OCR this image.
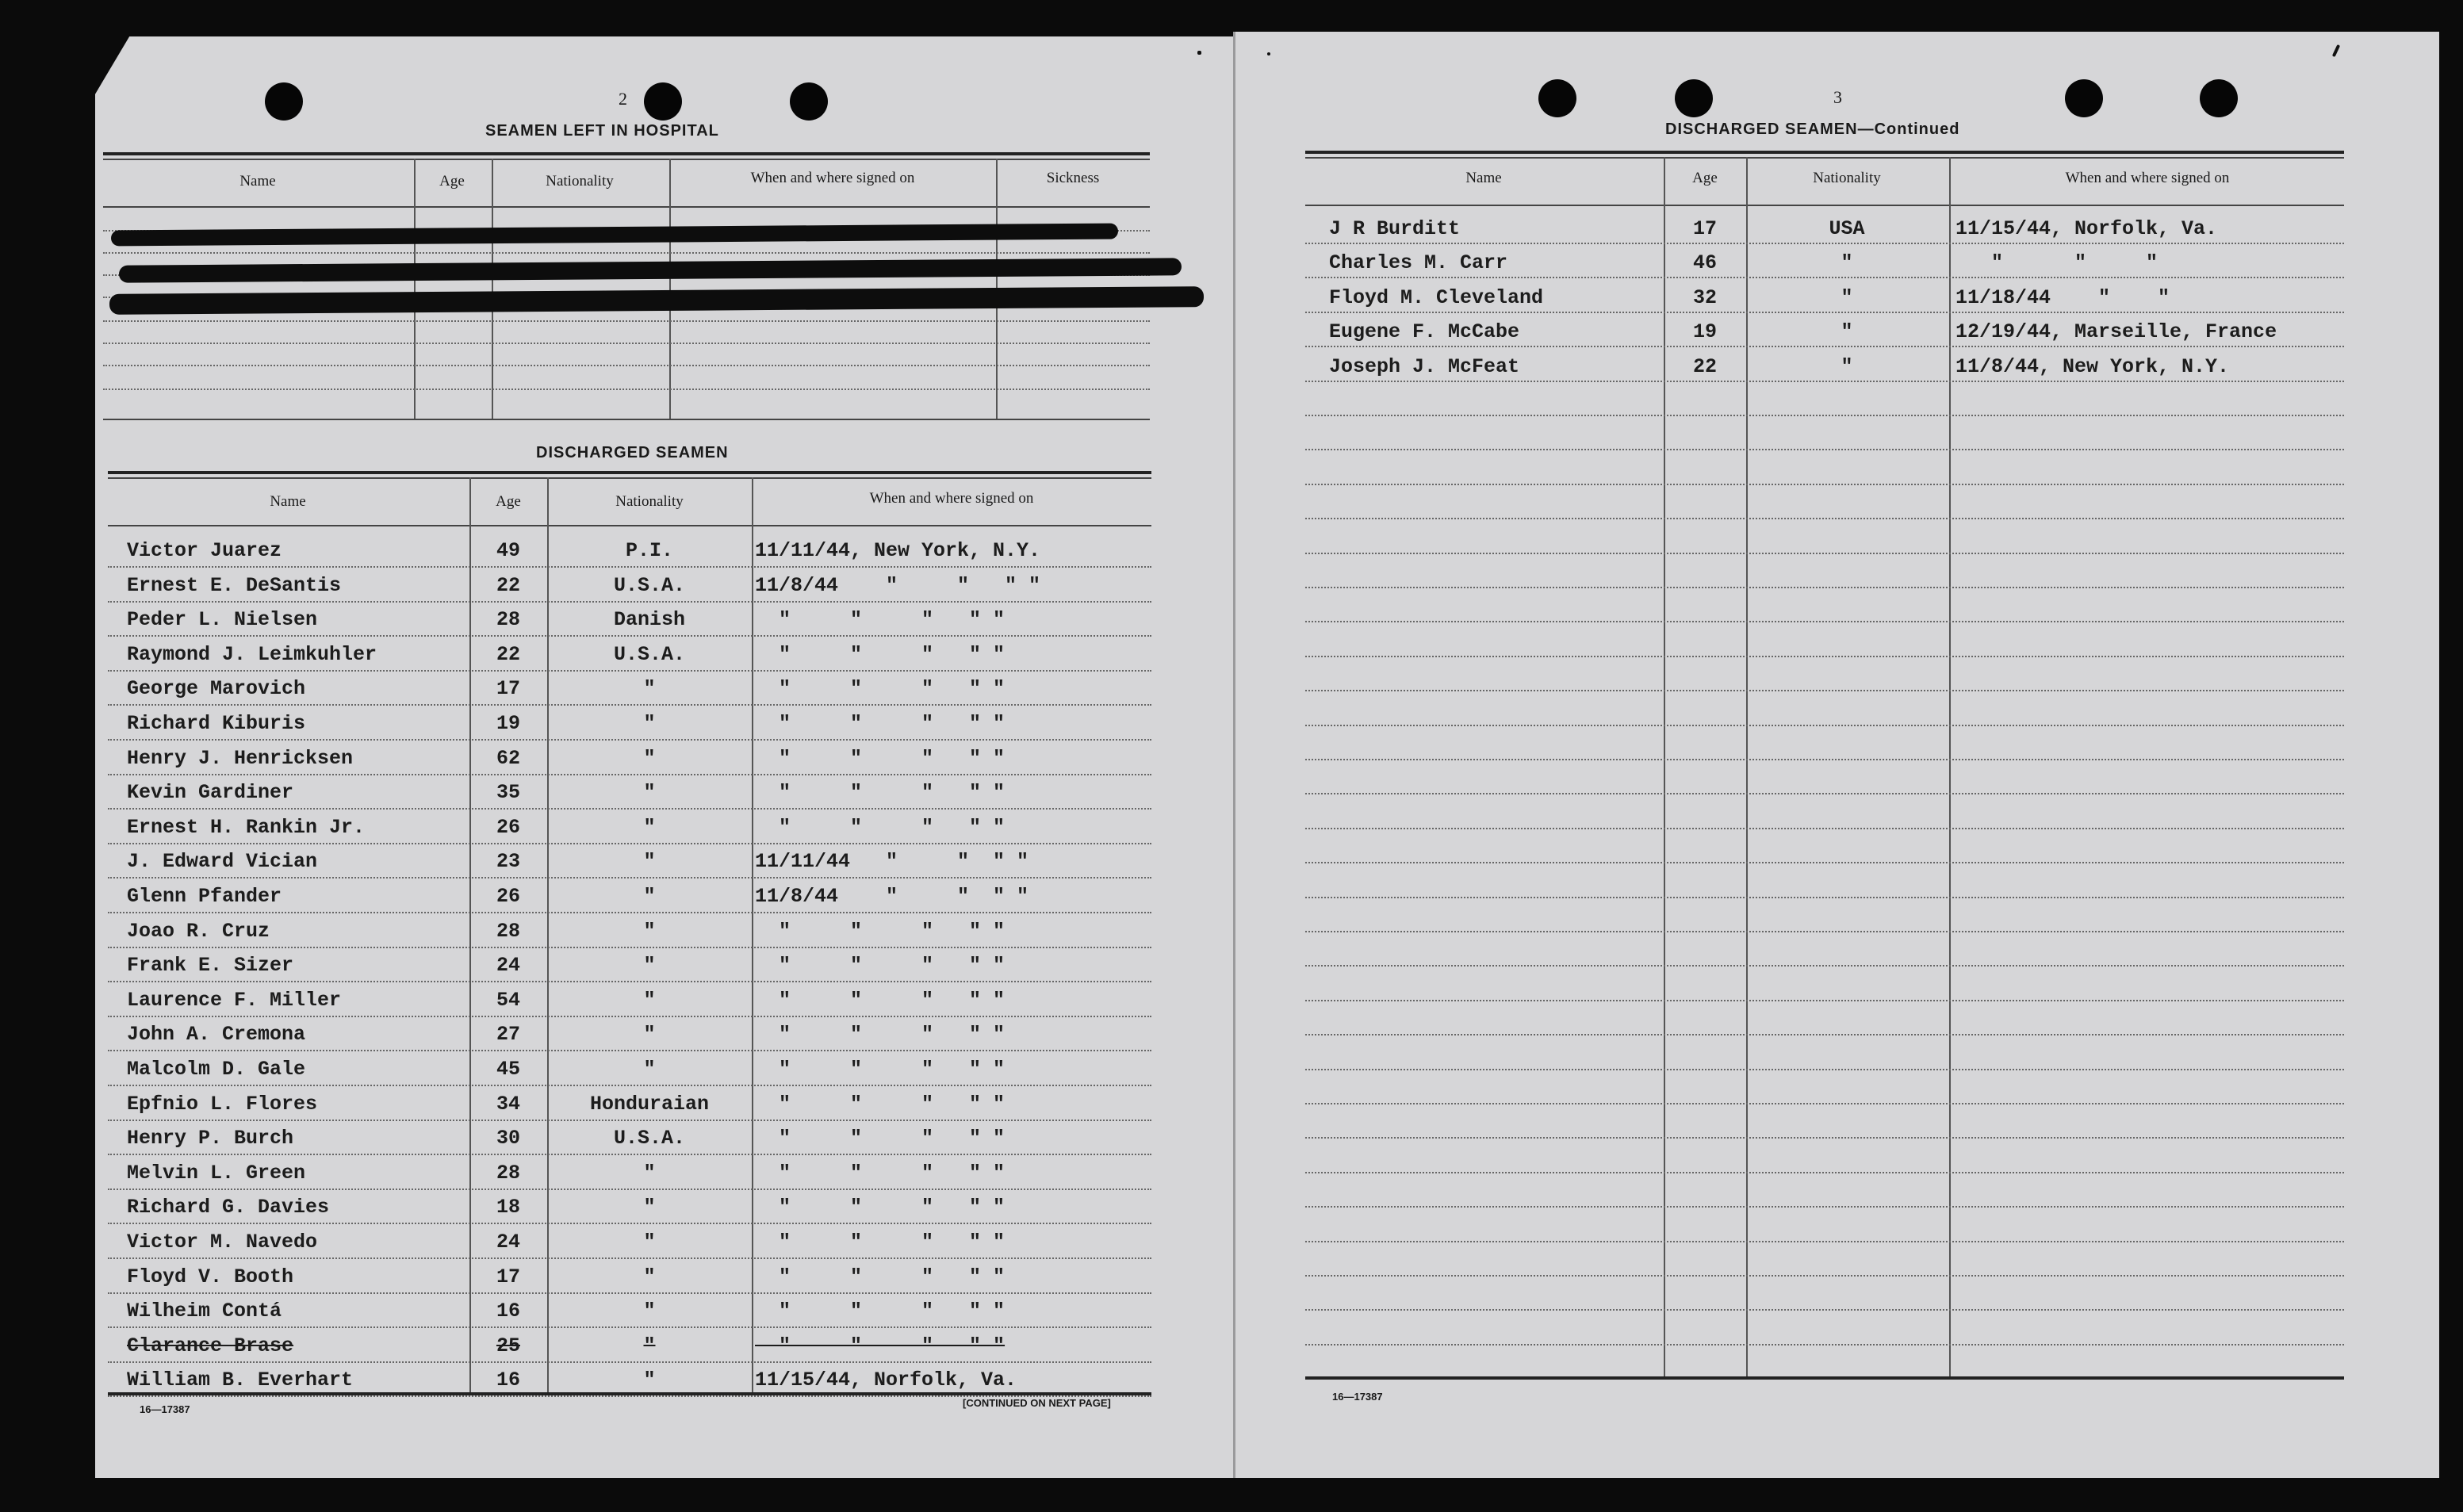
2
SEAMEN LEFT IN HOSPITAL
Name	Age	Nationality	When and where signed on	Sickness
DISCHARGED SEAMEN
Name	Age	Nationality	When and where signed on
16—17387
[CONTINUED ON NEXT PAGE]
3
DISCHARGED SEAMEN—Continued
Name	Age	Nationality	When and where signed on
16—17387
Victor Juarez	49	P.I.	11/11/44, New York, N.Y.
Ernest E. DeSantis	22	U.S.A.	11/8/44    "     "   " "
Peder L. Nielsen	28	Danish	"     "     "   " "
Raymond J. Leimkuhler	22	U.S.A.	"     "     "   " "
George Marovich	17	"	"     "     "   " "
Richard Kiburis	19	"	"     "     "   " "
Henry J. Henricksen	62	"	"     "     "   " "
Kevin Gardiner	35	"	"     "     "   " "
Ernest H. Rankin Jr.	26	"	"     "     "   " "
J. Edward Vician	23	"	11/11/44   "     "  " "
Glenn Pfander	26	"	11/8/44    "     "  " "
Joao R. Cruz	28	"	"     "     "   " "
Frank E. Sizer	24	"	"     "     "   " "
Laurence F. Miller	54	"	"     "     "   " "
John A. Cremona	27	"	"     "     "   " "
Malcolm D. Gale	45	"	"     "     "   " "
Epfnio L. Flores	34	Honduraian	"     "     "   " "
Henry P. Burch	30	U.S.A.	"     "     "   " "
Melvin L. Green	28	"	"     "     "   " "
Richard G. Davies	18	"	"     "     "   " "
Victor M. Navedo	24	"	"     "     "   " "
Floyd V. Booth	17	"	"     "     "   " "
Wilheim Contá	16	"	"     "     "   " "
Clarance Brase	25	"	"     "     "   " "
William B. Everhart	16	"	11/15/44, Norfolk, Va.
J R Burditt	17	USA	11/15/44, Norfolk, Va.
Charles M. Carr	46	"	"      "     "
Floyd M. Cleveland	32	"	11/18/44    "    "
Eugene F. McCabe	19	"	12/19/44, Marseille, France
Joseph J. McFeat	22	"	11/8/44, New York, N.Y.
